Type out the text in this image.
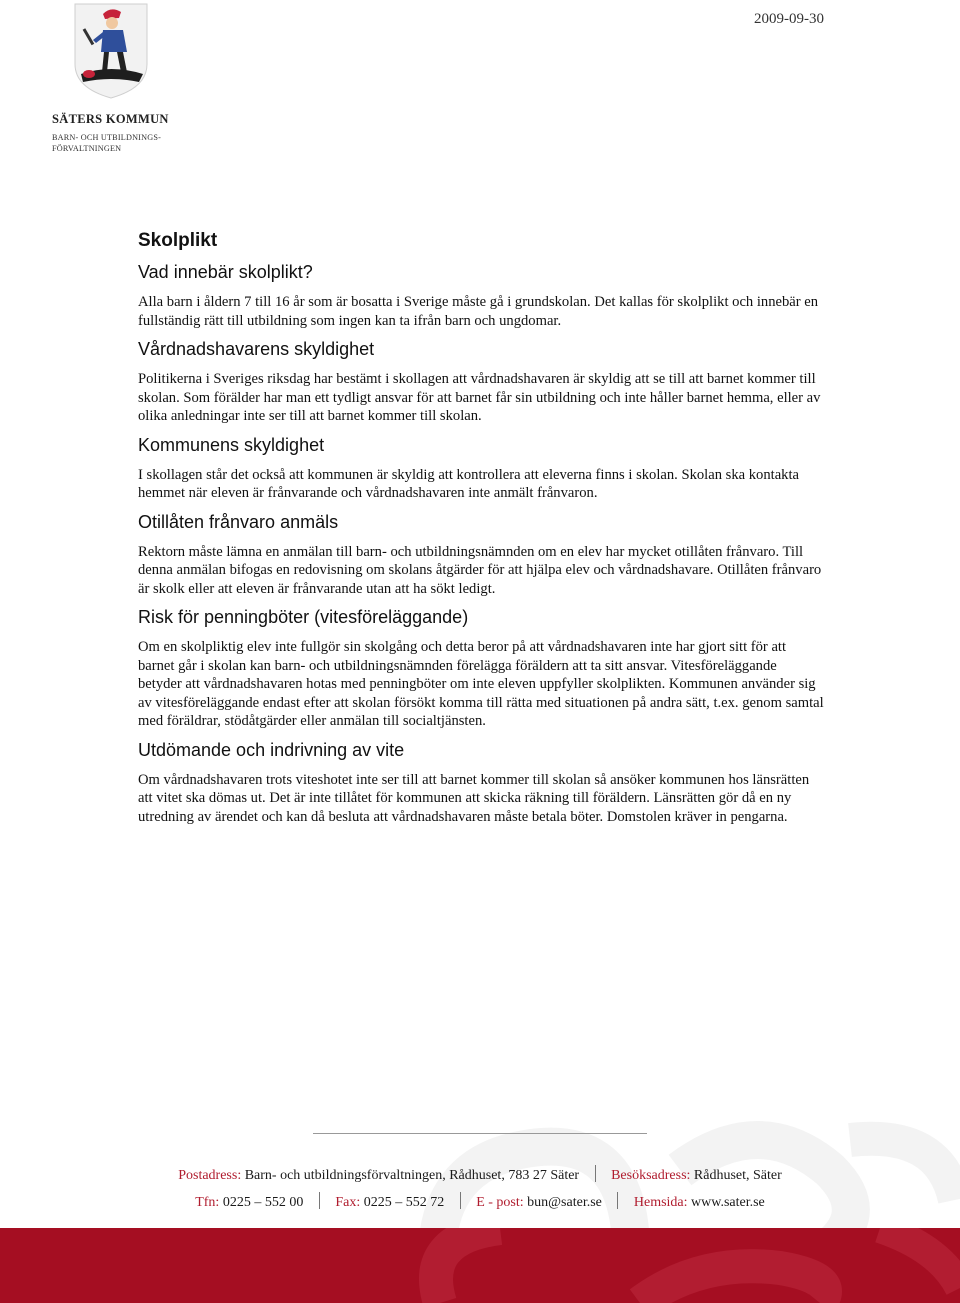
SÄTERS KOMMUN
BARN- OCH UTBILDNINGS-
FÖRVALTNINGEN
2009-09-30
Skolplikt
Vad innebär skolplikt?

Alla barn i åldern 7 till 16 år som är bosatta i Sverige måste gå i grundskolan. Det kallas för skolplikt och innebär en fullständig rätt till utbildning som ingen kan ta ifrån barn och ungdomar.

Vårdnadshavarens skyldighet

Politikerna i Sveriges riksdag har bestämt i skollagen att vårdnadshavaren är skyldig att se till att barnet kommer till skolan. Som förälder har man ett tydligt ansvar för att barnet får sin utbildning och inte håller barnet hemma, eller av olika anledningar inte ser till att barnet kommer till skolan.

Kommunens skyldighet

I skollagen står det också att kommunen är skyldig att kontrollera att eleverna finns i skolan. Skolan ska kontakta hemmet när eleven är frånvarande och vårdnadshavaren inte anmält frånvaron.

Otillåten frånvaro anmäls

Rektorn måste lämna en anmälan till barn- och utbildningsnämnden om en elev har mycket otillåten frånvaro. Till denna anmälan bifogas en redovisning om skolans åtgärder för att hjälpa elev och vårdnadshavare. Otillåten frånvaro är skolk eller att eleven är frånvarande utan att ha sökt ledigt.

Risk för penningböter (vitesföreläggande)

Om en skolpliktig elev inte fullgör sin skolgång och detta beror på att vårdnadshavaren inte har gjort sitt för att barnet går i skolan kan barn- och utbildningsnämnden förelägga föräldern att ta sitt ansvar. Vitesföreläggande betyder att vårdnadshavaren hotas med penningböter om inte eleven uppfyller skolplikten. Kommunen använder sig av vitesföreläggande endast efter att skolan försökt komma till rätta med situationen på andra sätt, t.ex. genom samtal med föräldrar, stödåtgärder eller anmälan till socialtjänsten.

Utdömande och indrivning av vite

Om vårdnadshavaren trots viteshotet inte ser till att barnet kommer till skolan så ansöker kommunen hos länsrätten att vitet ska dömas ut. Det är inte tillåtet för kommunen att skicka räkning till föräldern. Länsrätten gör då en ny utredning av ärendet och kan då besluta att vårdnadshavaren måste betala böter. Domstolen kräver in pengarna.

Postadress: Barn- och utbildningsförvaltningen, Rådhuset, 783 27 Säter Besöksadress: Rådhuset, Säter
Tfn: 0225 – 552 00 Fax: 0225 – 552 72 E - post: bun@sater.se Hemsida: www.sater.se
